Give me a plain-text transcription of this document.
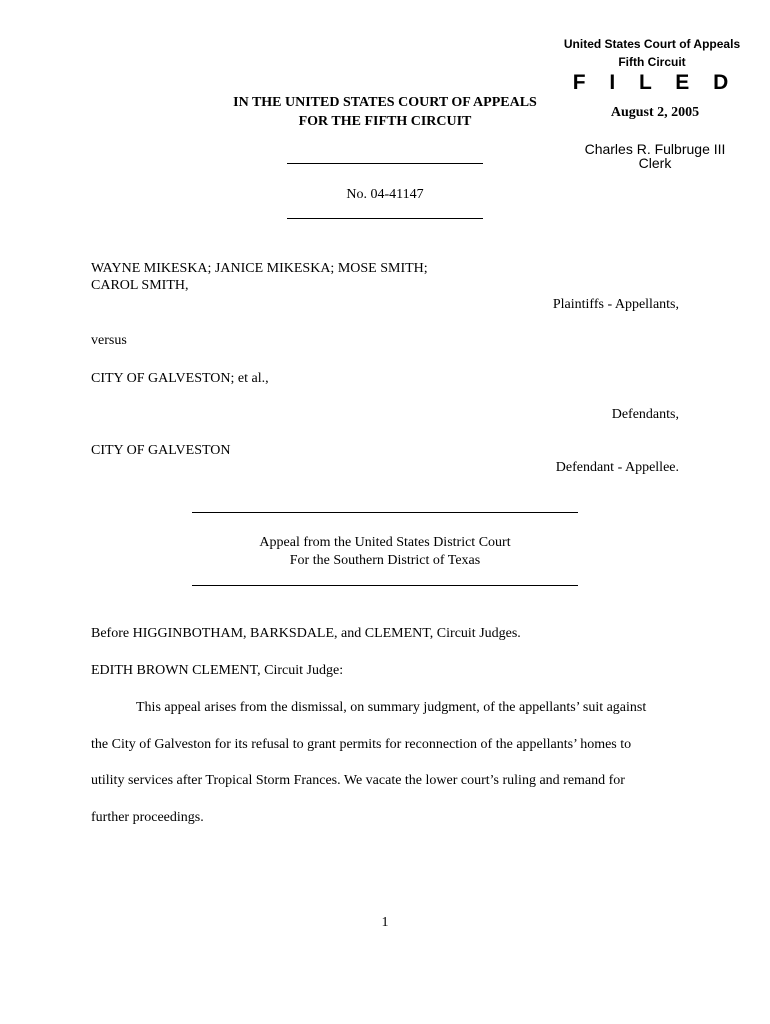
United States Court of Appeals
Fifth Circuit
F I L E D
August 2, 2005
Charles R. Fulbruge III
Clerk
IN THE UNITED STATES COURT OF APPEALS
FOR THE FIFTH CIRCUIT
No. 04-41147
WAYNE MIKESKA; JANICE MIKESKA; MOSE SMITH;
CAROL SMITH,
Plaintiffs - Appellants,
versus
CITY OF GALVESTON; et al.,
Defendants,
CITY OF GALVESTON
Defendant - Appellee.
Appeal from the United States District Court
For the Southern District of Texas
Before HIGGINBOTHAM, BARKSDALE, and CLEMENT, Circuit Judges.
EDITH BROWN CLEMENT, Circuit Judge:
This appeal arises from the dismissal, on summary judgment, of the appellants’ suit against
the City of Galveston for its refusal to grant permits for reconnection of the appellants’ homes to
utility services after Tropical Storm Frances. We vacate the lower court’s ruling and remand for
further proceedings.
1
